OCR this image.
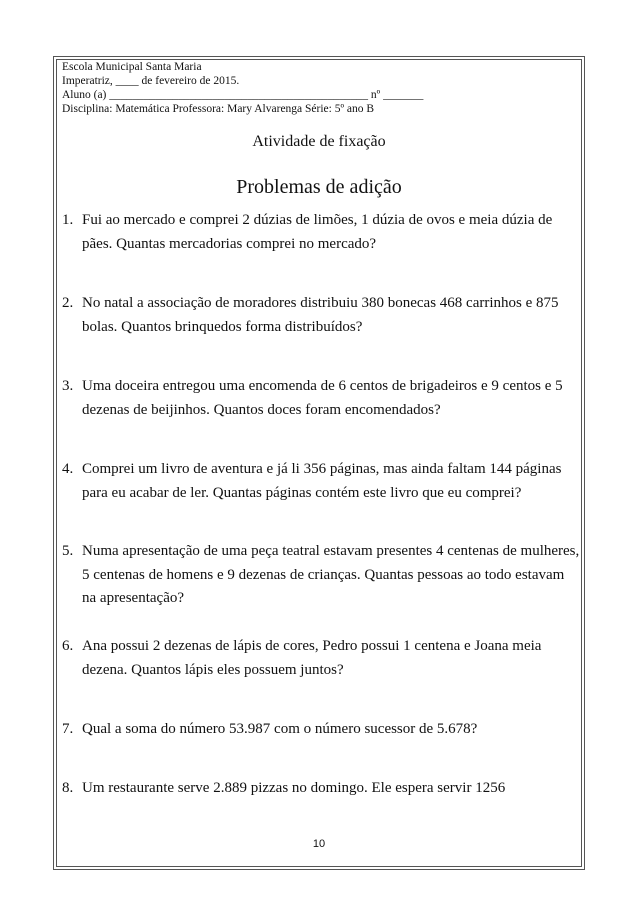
Escola Municipal Santa Maria
Imperatriz, ____ de fevereiro de 2015.
Aluno (a) _____________________________________________ nº _______
Disciplina: Matemática Professora: Mary Alvarenga Série: 5º ano B
Atividade de fixação
Problemas de adição
1. Fui ao mercado e comprei 2 dúzias de limões, 1 dúzia de ovos e meia dúzia de pães. Quantas mercadorias comprei no mercado?
2. No natal a associação de moradores distribuiu 380 bonecas 468 carrinhos e 875 bolas. Quantos brinquedos forma distribuídos?
3. Uma doceira entregou uma encomenda de 6 centos de brigadeiros e 9 centos e 5 dezenas de beijinhos. Quantos doces foram encomendados?
4. Comprei um livro de aventura e já li 356 páginas, mas ainda faltam 144 páginas para eu acabar de ler. Quantas páginas contém este livro que eu comprei?
5. Numa apresentação de uma peça teatral estavam presentes 4 centenas de mulheres, 5 centenas de homens e 9 dezenas de crianças. Quantas pessoas ao todo estavam na apresentação?
6. Ana possui 2 dezenas de lápis de cores, Pedro possui 1 centena e Joana meia dezena. Quantos lápis eles possuem juntos?
7. Qual a soma do número 53.987 com o número sucessor de 5.678?
8. Um restaurante serve 2.889 pizzas no domingo. Ele espera servir 1256
10
